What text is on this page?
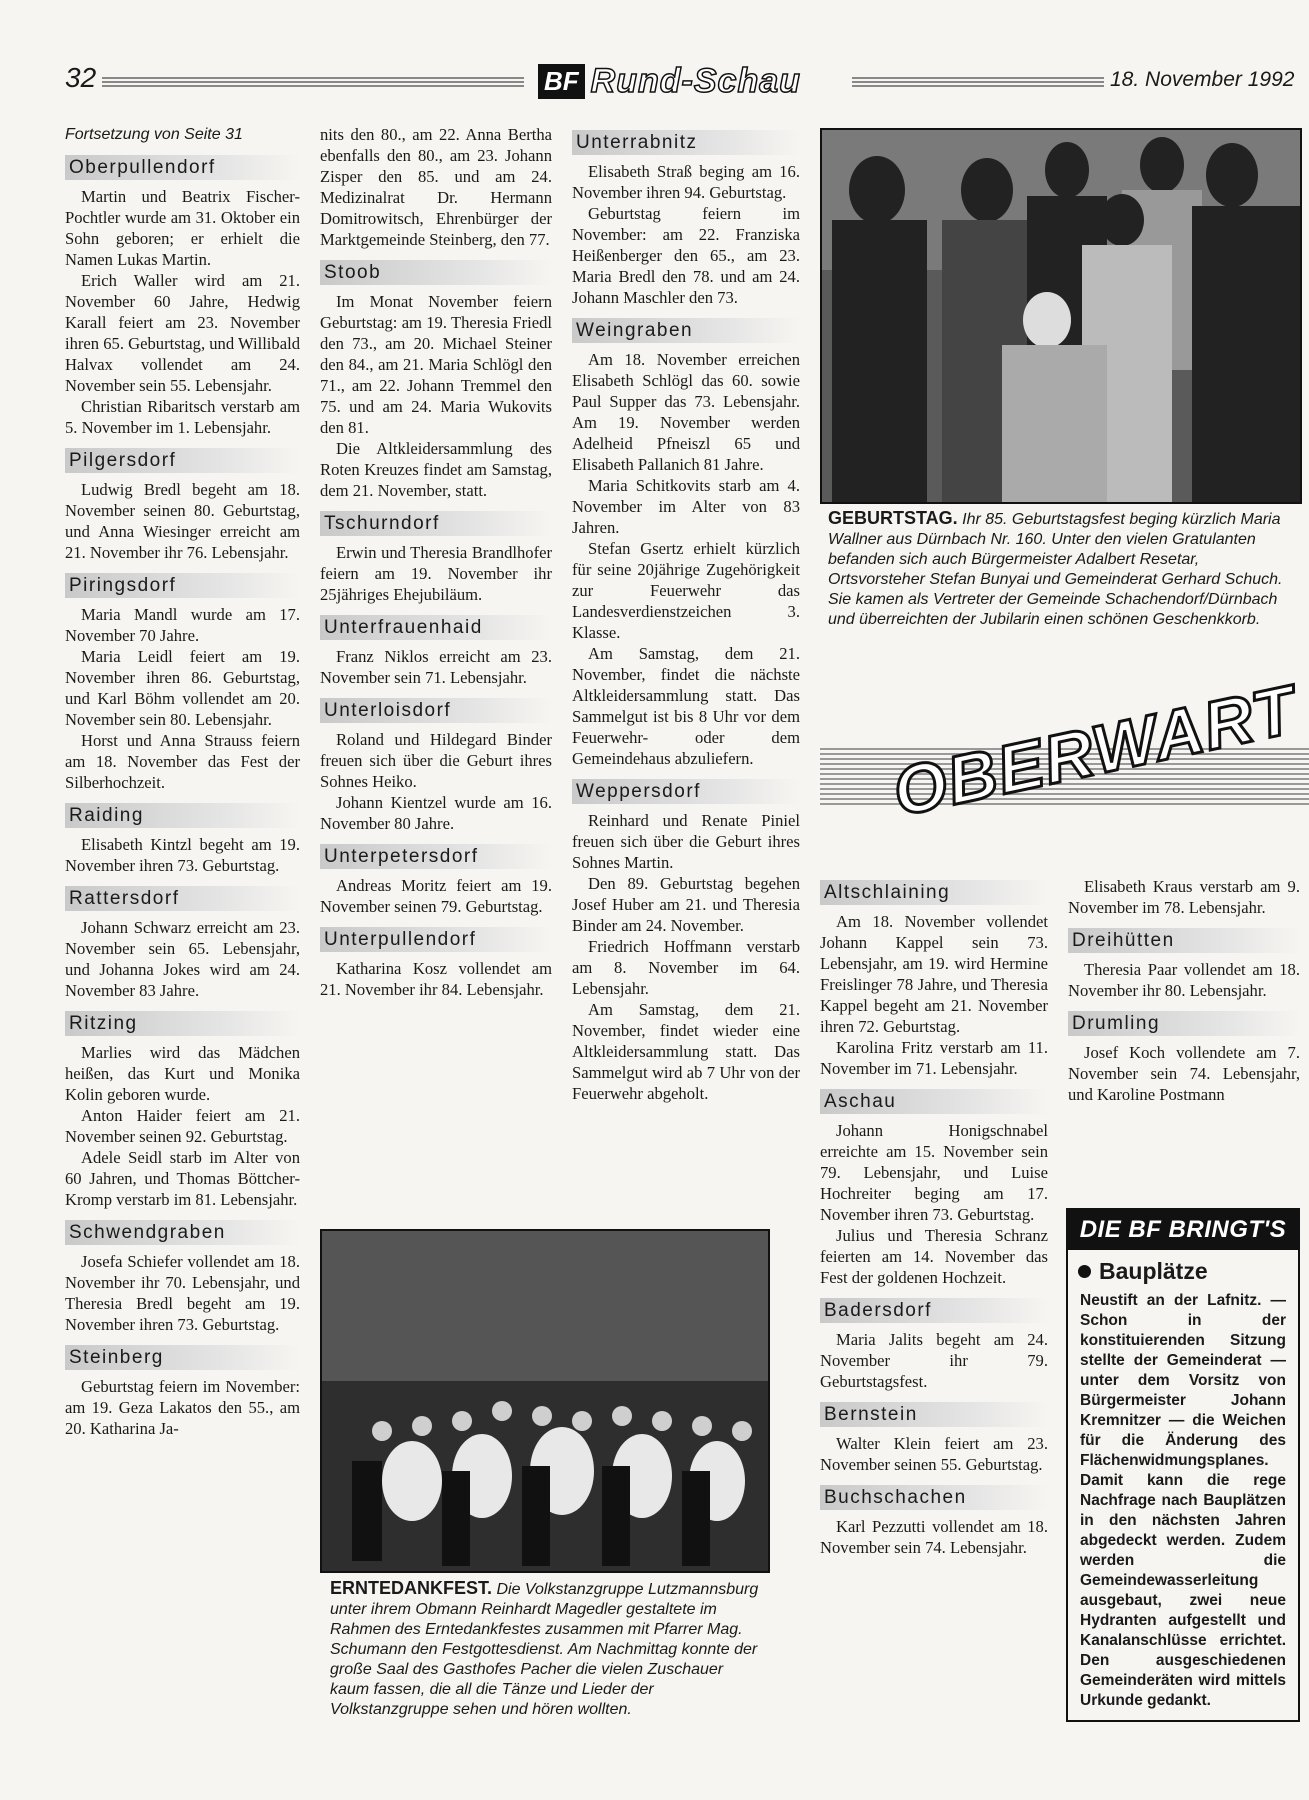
32	BF Rund-Schau	18. November 1992

Fortsetzung von Seite 31

Oberpullendorf

Martin und Beatrix Fischer-Pochtler wurde am 31. Oktober ein Sohn geboren; er erhielt die Namen Lukas Martin.

Erich Waller wird am 21. November 60 Jahre, Hedwig Karall feiert am 23. November ihren 65. Geburtstag, und Willibald Halvax vollendet am 24. November sein 55. Lebensjahr.

Christian Ribaritsch verstarb am 5. November im 1. Lebensjahr.

Pilgersdorf

Ludwig Bredl begeht am 18. November seinen 80. Geburtstag, und Anna Wiesinger erreicht am 21. November ihr 76. Lebensjahr.

Piringsdorf

Maria Mandl wurde am 17. November 70 Jahre.

Maria Leidl feiert am 19. November ihren 86. Geburtstag, und Karl Böhm vollendet am 20. November sein 80. Lebensjahr.

Horst und Anna Strauss feiern am 18. November das Fest der Silberhochzeit.

Raiding

Elisabeth Kintzl begeht am 19. November ihren 73. Geburtstag.

Rattersdorf

Johann Schwarz erreicht am 23. November sein 65. Lebensjahr, und Johanna Jokes wird am 24. November 83 Jahre.

Ritzing

Marlies wird das Mädchen heißen, das Kurt und Monika Kolin geboren wurde.

Anton Haider feiert am 21. November seinen 92. Geburtstag.

Adele Seidl starb im Alter von 60 Jahren, und Thomas Böttcher-Kromp verstarb im 81. Lebensjahr.

Schwendgraben

Josefa Schiefer vollendet am 18. November ihr 70. Lebensjahr, und Theresia Bredl begeht am 19. November ihren 73. Geburtstag.

Steinberg

Geburtstag feiern im November: am 19. Geza Lakatos den 55., am 20. Katharina Ja-

nits den 80., am 22. Anna Bertha ebenfalls den 80., am 23. Johann Zisper den 85. und am 24. Medizinalrat Dr. Hermann Domitrowitsch, Ehrenbürger der Marktgemeinde Steinberg, den 77.

Stoob

Im Monat November feiern Geburtstag: am 19. Theresia Friedl den 73., am 20. Michael Steiner den 84., am 21. Maria Schlögl den 71., am 22. Johann Tremmel den 75. und am 24. Maria Wukovits den 81.

Die Altkleidersammlung des Roten Kreuzes findet am Samstag, dem 21. November, statt.

Tschurndorf

Erwin und Theresia Brandlhofer feiern am 19. November ihr 25jähriges Ehejubiläum.

Unterfrauenhaid

Franz Niklos erreicht am 23. November sein 71. Lebensjahr.

Unterloisdorf

Roland und Hildegard Binder freuen sich über die Geburt ihres Sohnes Heiko.

Johann Kientzel wurde am 16. November 80 Jahre.

Unterpetersdorf

Andreas Moritz feiert am 19. November seinen 79. Geburtstag.

Unterpullendorf

Katharina Kosz vollendet am 21. November ihr 84. Lebensjahr.

Unterrabnitz

Elisabeth Straß beging am 16. November ihren 94. Geburtstag.

Geburtstag feiern im November: am 22. Franziska Heißenberger den 65., am 23. Maria Bredl den 78. und am 24. Johann Maschler den 73.

Weingraben

Am 18. November erreichen Elisabeth Schlögl das 60. sowie Paul Supper das 73. Lebensjahr. Am 19. November werden Adelheid Pfneiszl 65 und Elisabeth Pallanich 81 Jahre.

Maria Schitkovits starb am 4. November im Alter von 83 Jahren.

Stefan Gsertz erhielt kürzlich für seine 20jährige Zugehörigkeit zur Feuerwehr das Landesverdienstzeichen 3. Klasse.

Am Samstag, dem 21. November, findet die nächste Altkleidersammlung statt. Das Sammelgut ist bis 8 Uhr vor dem Feuerwehr- oder dem Gemeindehaus abzuliefern.

Weppersdorf

Reinhard und Renate Piniel freuen sich über die Geburt ihres Sohnes Martin.

Den 89. Geburtstag begehen Josef Huber am 21. und Theresia Binder am 24. November.

Friedrich Hoffmann verstarb am 8. November im 64. Lebensjahr.

Am Samstag, dem 21. November, findet wieder eine Altkleidersammlung statt. Das Sammelgut wird ab 7 Uhr von der Feuerwehr abgeholt.

Altschlaining

Am 18. November vollendet Johann Kappel sein 73. Lebensjahr, am 19. wird Hermine Freislinger 78 Jahre, und Theresia Kappel begeht am 21. November ihren 72. Geburtstag.

Karolina Fritz verstarb am 11. November im 71. Lebensjahr.

Aschau

Johann Honigschnabel erreichte am 15. November sein 79. Lebensjahr, und Luise Hochreiter beging am 17. November ihren 73. Geburtstag.

Julius und Theresia Schranz feierten am 14. November das Fest der goldenen Hochzeit.

Badersdorf

Maria Jalits begeht am 24. November ihr 79. Geburtstagsfest.

Bernstein

Walter Klein feiert am 23. November seinen 55. Geburtstag.

Buchschachen

Karl Pezzutti vollendet am 18. November sein 74. Lebensjahr.

Elisabeth Kraus verstarb am 9. November im 78. Lebensjahr.

Dreihütten

Theresia Paar vollendet am 18. November ihr 80. Lebensjahr.

Drumling

Josef Koch vollendete am 7. November sein 74. Lebensjahr, und Karoline Postmann

GEBURTSTAG. Ihr 85. Geburtstagsfest beging kürzlich Maria Wallner aus Dürnbach Nr. 160. Unter den vielen Gratulanten befanden sich auch Bürgermeister Adalbert Resetar, Ortsvorsteher Stefan Bunyai und Gemeinderat Gerhard Schuch. Sie kamen als Vertreter der Gemeinde Schachendorf/Dürnbach und überreichten der Jubilarin einen schönen Geschenkkorb.
OBERWART
ERNTEDANKFEST. Die Volkstanzgruppe Lutzmannsburg unter ihrem Obmann Reinhardt Magedler gestaltete im Rahmen des Erntedankfestes zusammen mit Pfarrer Mag. Schumann den Festgottesdienst. Am Nachmittag konnte der große Saal des Gasthofes Pacher die vielen Zuschauer kaum fassen, die all die Tänze und Lieder der Volkstanzgruppe sehen und hören wollten.
DIE BF BRINGT'S
Bauplätze
Neustift an der Lafnitz. — Schon in der konstituierenden Sitzung stellte der Gemeinderat — unter dem Vorsitz von Bürgermeister Johann Kremnitzer — die Weichen für die Änderung des Flächenwidmungsplanes. Damit kann die rege Nachfrage nach Bauplätzen in den nächsten Jahren abgedeckt werden. Zudem werden die Gemeindewasserleitung ausgebaut, zwei neue Hydranten aufgestellt und Kanalanschlüsse errichtet. Den ausgeschiedenen Gemeinderäten wird mittels Urkunde gedankt.
